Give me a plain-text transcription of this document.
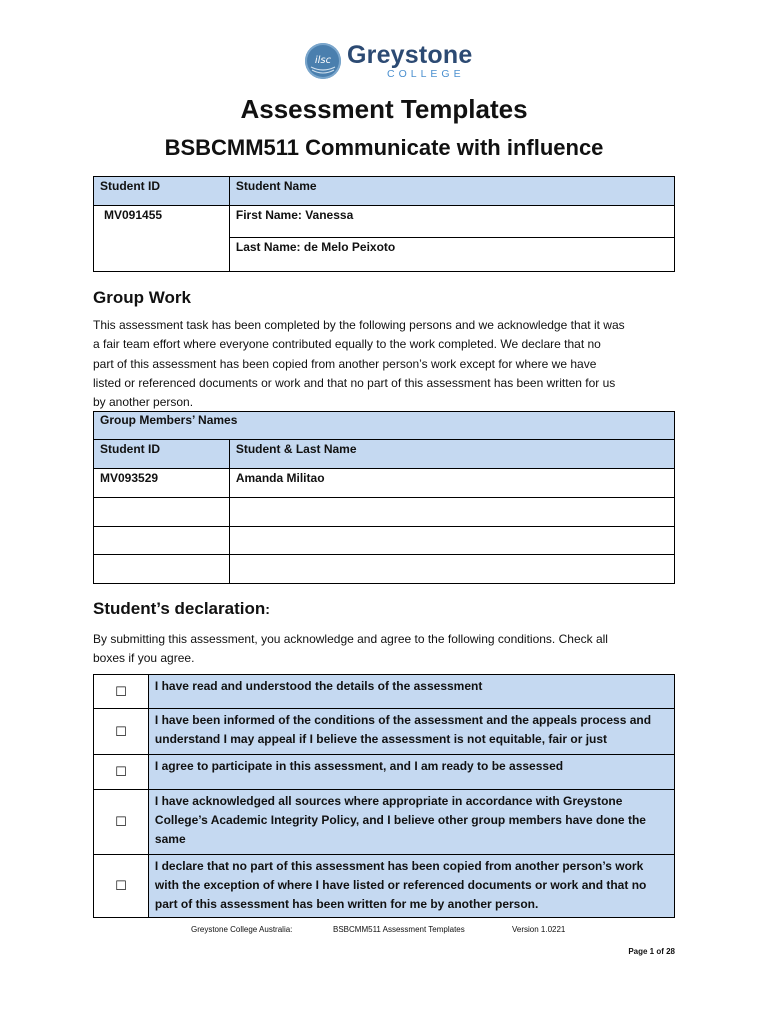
ilsc Greystone
COLLEGE
Assessment Templates
BSBCMM511 Communicate with influence
Student ID	Student Name
MV091455	First Name: Vanessa
	Last Name: de Melo Peixoto
Group Work
This assessment task has been completed by the following persons and we acknowledge that it was
a fair team effort where everyone contributed equally to the work completed. We declare that no
part of this assessment has been copied from another person’s work except for where we have
listed or referenced documents or work and that no part of this assessment has been written for us
by another person.
Group Members’ Names	
Student ID	Student & Last Name
MV093529	Amanda Militao

Student’s declaration:
By submitting this assessment, you acknowledge and agree to the following conditions. Check all
boxes if you agree.
☐	I have read and understood the details of the assessment

☐	I have been informed of the conditions of the assessment and the appeals process and
understand I may appeal if I believe the assessment is not equitable, fair or just

☐	I agree to participate in this assessment, and I am ready to be assessed

☐	I have acknowledged all sources where appropriate in accordance with Greystone
College’s Academic Integrity Policy, and I believe other group members have done the
same

☐	I declare that no part of this assessment has been copied from another person’s work
with the exception of where I have listed or referenced documents or work and that no
part of this assessment has been written for me by another person.
Greystone College Australia:	BSBCMM511 Assessment Templates	Version 1.0221
Page 1 of 28
